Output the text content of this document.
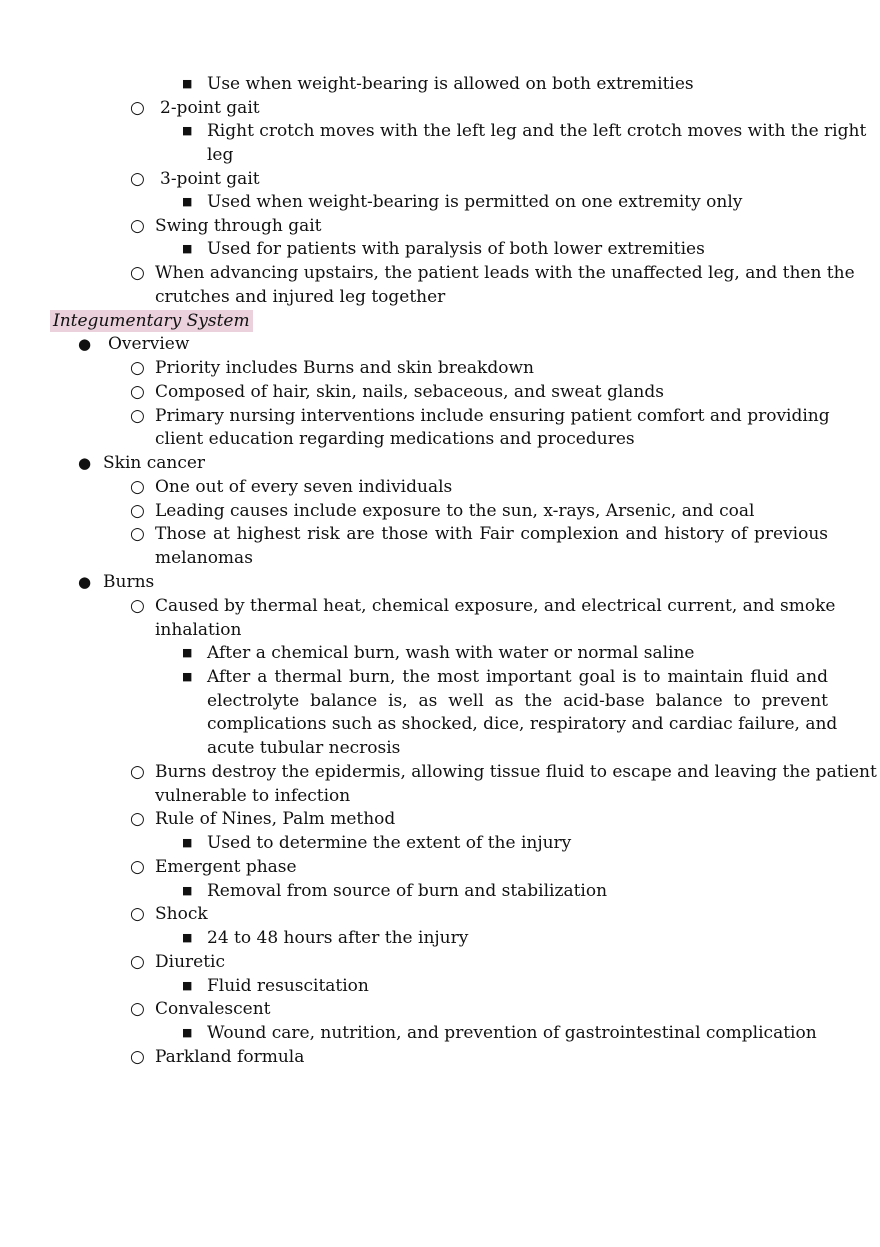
■ Use when weight-bearing is allowed on both extremities
○ 2-point gait
■ Right crotch moves with the left leg and the left crotch moves with the right
leg
○ 3-point gait
■ Used when weight-bearing is permitted on one extremity only
○ Swing through gait
■ Used for patients with paralysis of both lower extremities
○ When advancing upstairs, the patient leads with the unaffected leg, and then the
crutches and injured leg together
Integumentary System
● Overview
○ Priority includes Burns and skin breakdown
○ Composed of hair, skin, nails, sebaceous, and sweat glands
○ Primary nursing interventions include ensuring patient comfort and providing
client education regarding medications and procedures
● Skin cancer
○ One out of every seven individuals
○ Leading causes include exposure to the sun, x-rays, Arsenic, and coal
○ Those at highest risk are those with Fair complexion and history of previous
melanomas
● Burns
○ Caused by thermal heat, chemical exposure, and electrical current, and smoke
inhalation
■ After a chemical burn, wash with water or normal saline
■ After a thermal burn, the most important goal is to maintain fluid and
electrolyte balance is, as well as the acid-base balance to prevent
complications such as shocked, dice, respiratory and cardiac failure, and
acute tubular necrosis
○ Burns destroy the epidermis, allowing tissue fluid to escape and leaving the patient
vulnerable to infection
○ Rule of Nines, Palm method
■ Used to determine the extent of the injury
○ Emergent phase
■ Removal from source of burn and stabilization
○ Shock
■ 24 to 48 hours after the injury
○ Diuretic
■ Fluid resuscitation
○ Convalescent
■ Wound care, nutrition, and prevention of gastrointestinal complication
○ Parkland formula
